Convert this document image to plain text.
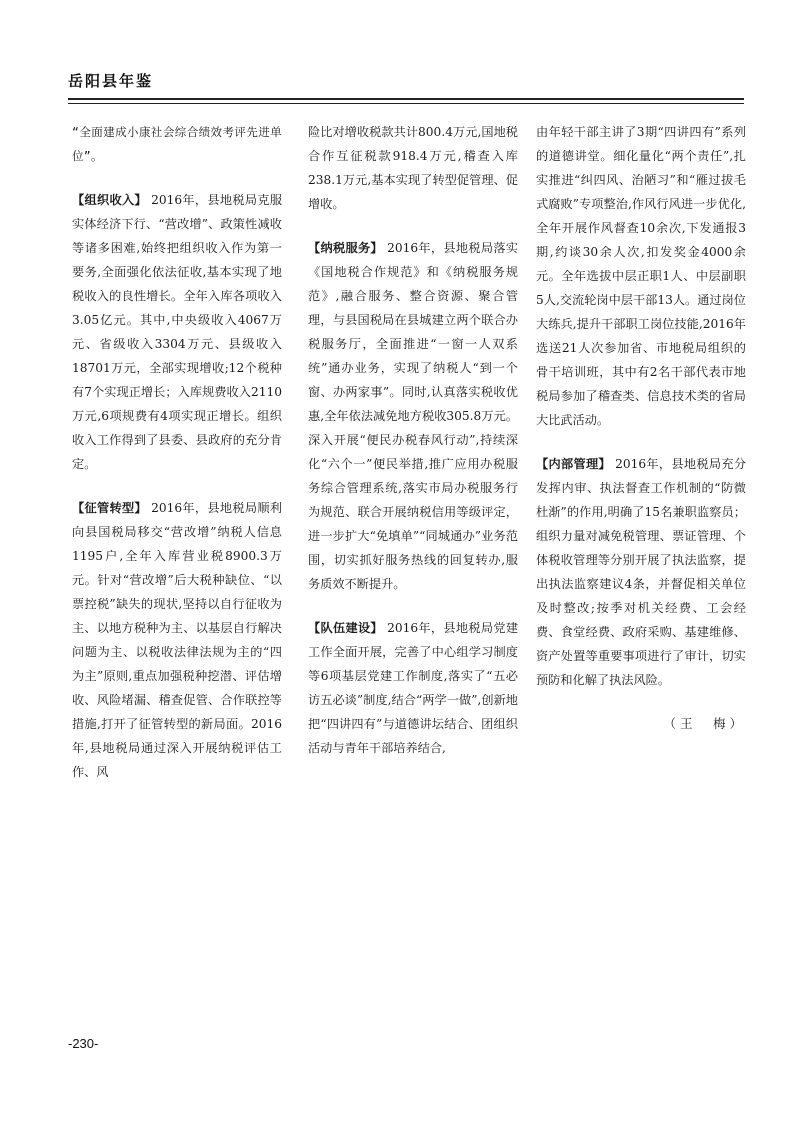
岳阳县年鉴

“全面建成小康社会综合绩效考评先进单位”。

【组织收入】 2016年，县地税局克服实体经济下行、“营改增”、政策性减收等诸多困难,始终把组织收入作为第一要务,全面强化依法征收,基本实现了地税收入的良性增长。全年入库各项收入3.05亿元。其中,中央级收入4067万元、省级收入3304万元、县级收入18701万元，全部实现增收;12个税种有7个实现正增长；入库规费收入2110万元,6项规费有4项实现正增长。组织收入工作得到了县委、县政府的充分肯定。

【征管转型】 2016年，县地税局顺利向县国税局移交“营改增”纳税人信息1195户,全年入库营业税8900.3万元。针对“营改增”后大税种缺位、“以票控税”缺失的现状,坚持以自行征收为主、以地方税种为主、以基层自行解决问题为主、以税收法律法规为主的“四为主”原则,重点加强税种挖潜、评估增收、风险堵漏、稽查促管、合作联控等措施,打开了征管转型的新局面。2016年,县地税局通过深入开展纳税评估工作、风

险比对增收税款共计800.4万元,国地税合作互征税款918.4万元,稽查入库238.1万元,基本实现了转型促管理、促增收。

【纳税服务】 2016年，县地税局落实《国地税合作规范》和《纳税服务规范》,融合服务、整合资源、聚合管理，与县国税局在县城建立两个联合办税服务厅，全面推进“一窗一人双系统”通办业务，实现了纳税人“到一个窗、办两家事”。同时,认真落实税收优惠,全年依法减免地方税收305.8万元。深入开展“便民办税春风行动”,持续深化“六个一”便民举措,推广应用办税服务综合管理系统,落实市局办税服务行为规范、联合开展纳税信用等级评定，进一步扩大“免填单”“同城通办”业务范围，切实抓好服务热线的回复转办,服务质效不断提升。

【队伍建设】 2016年，县地税局党建工作全面开展，完善了中心组学习制度等6项基层党建工作制度,落实了“五必访五必谈”制度,结合“两学一做”,创新地把“四讲四有”与道德讲坛结合、团组织活动与青年干部培养结合,

由年轻干部主讲了3期“四讲四有”系列的道德讲堂。细化量化“两个责任”,扎实推进“纠四风、治陋习”和“雁过拔毛式腐败”专项整治,作风行风进一步优化,全年开展作风督查10余次,下发通报3期,约谈30余人次,扣发奖金4000余元。全年选拔中层正职1人、中层副职5人,交流轮岗中层干部13人。通过岗位大练兵,提升干部职工岗位技能,2016年选送21人次参加省、市地税局组织的骨干培训班，其中有2名干部代表市地税局参加了稽查类、信息技术类的省局大比武活动。

【内部管理】 2016年，县地税局充分发挥内审、执法督查工作机制的“防微杜渐”的作用,明确了15名兼职监察员；组织力量对减免税管理、票证管理、个体税收管理等分别开展了执法监察，提出执法监察建议4条，并督促相关单位及时整改;按季对机关经费、工会经费、食堂经费、政府采购、基建维修、资产处置等重要事项进行了审计，切实预防和化解了执法风险。

（王　梅）

-230-
